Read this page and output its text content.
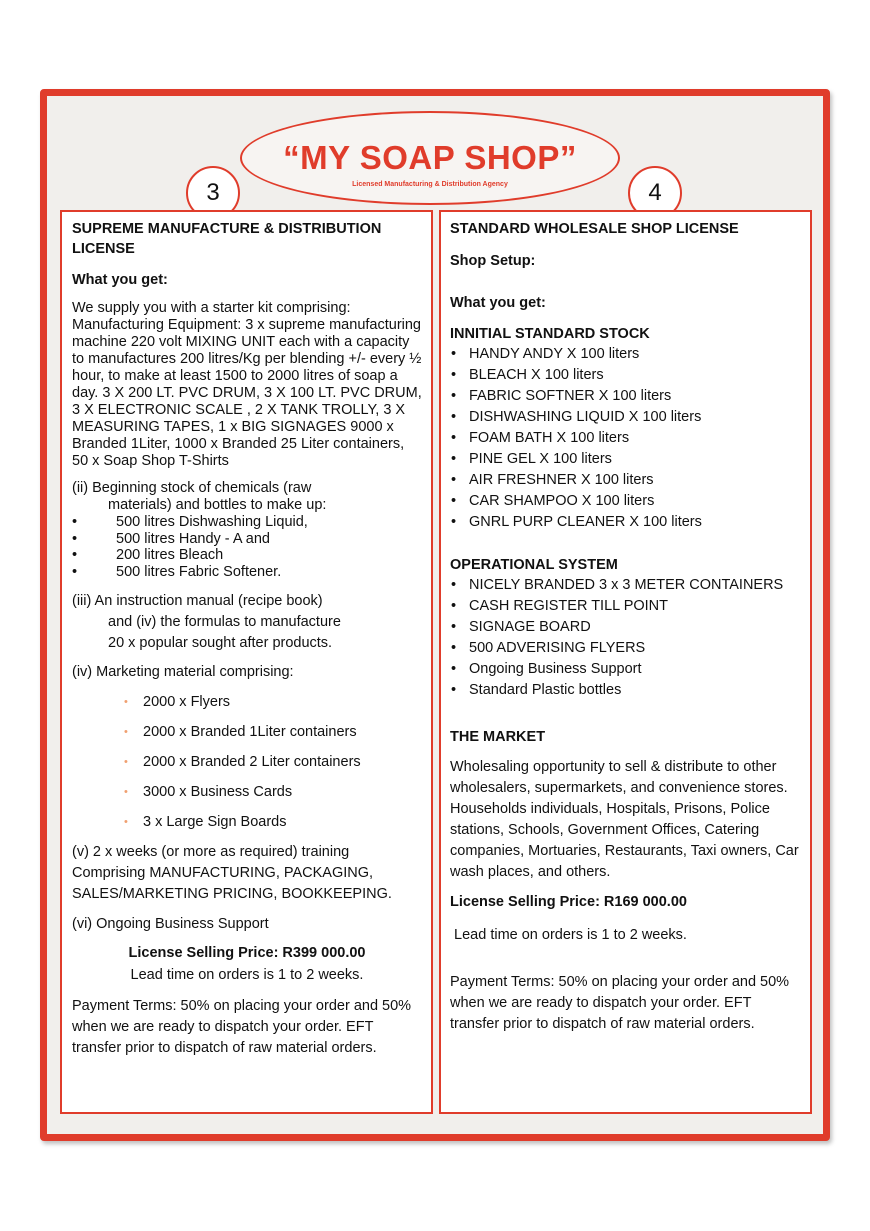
“MY SOAP SHOP”
Licensed Manufacturing & Distribution Agency
3	4

SUPREME MANUFACTURE & DISTRIBUTION

LICENSE

What you get:

We supply you with a starter kit comprising: Manufacturing Equipment: 3 x supreme manufacturing machine 220 volt MIXING UNIT each with a capacity to manufactures 200 litres/Kg per blending +/- every ½ hour, to make at least 1500 to 2000 litres of soap a day. 3 X 200 LT. PVC DRUM, 3 X 100 LT. PVC DRUM, 3 X ELECTRONIC SCALE , 2 X TANK TROLLY, 3 X MEASURING TAPES, 1 x BIG SIGNAGES 9000 x Branded 1Liter, 1000 x Branded 25 Liter containers, 50 x Soap Shop T-Shirts

(ii) Beginning stock of chemicals (raw

materials) and bottles to make up:

• 500 litres Dishwashing Liquid,
• 500 litres Handy - A and
• 200 litres Bleach
• 500 litres Fabric Softener.

(iii) An instruction manual (recipe book)

and (iv) the formulas to manufacture

20 x popular sought after products.

(iv) Marketing material comprising:

• 2000 x Flyers
• 2000 x Branded 1Liter containers
• 2000 x Branded 2 Liter containers
• 3000 x Business Cards
• 3 x Large Sign Boards

(v) 2 x weeks (or more as required) training Comprising MANUFACTURING, PACKAGING, SALES/MARKETING PRICING, BOOKKEEPING.

(vi) Ongoing Business Support

License Selling Price: R399 000.00

Lead time on orders is 1 to 2 weeks.

Payment Terms: 50% on placing your order and 50% when we are ready to dispatch your order. EFT transfer prior to dispatch of raw material orders.

STANDARD WHOLESALE SHOP LICENSE

Shop Setup:

What you get:

INNITIAL STANDARD STOCK

• HANDY ANDY X 100 liters
• BLEACH X 100 liters
• FABRIC SOFTNER X 100 liters
• DISHWASHING LIQUID X 100 liters
• FOAM BATH X 100 liters
• PINE GEL X 100 liters
• AIR FRESHNER X 100 liters
• CAR SHAMPOO X 100 liters
• GNRL PURP CLEANER X 100 liters

OPERATIONAL SYSTEM

• NICELY BRANDED 3 x 3 METER CONTAINERS
• CASH REGISTER TILL POINT
• SIGNAGE BOARD
• 500 ADVERISING FLYERS
• Ongoing Business Support
• Standard Plastic bottles

THE MARKET

Wholesaling opportunity to sell & distribute to other wholesalers, supermarkets, and convenience stores. Households individuals, Hospitals, Prisons, Police stations, Schools, Government Offices, Catering companies, Mortuaries, Restaurants, Taxi owners, Car wash places, and others.

License Selling Price: R169 000.00

Lead time on orders is 1 to 2 weeks.

Payment Terms: 50% on placing your order and 50% when we are ready to dispatch your order. EFT transfer prior to dispatch of raw material orders.
